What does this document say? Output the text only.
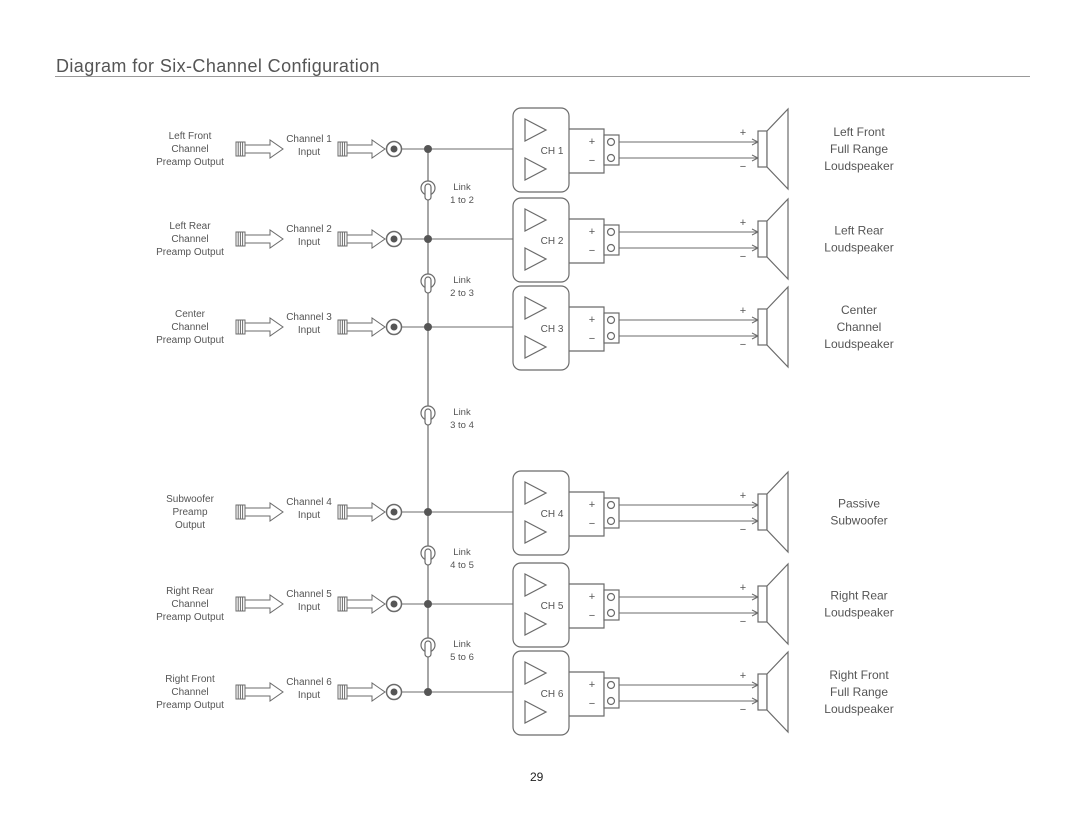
Diagram for Six-Channel Configuration
Left Front
Channel
Preamp Output
Channel 1
Input	CH 1
+
−
+
−
Left Front
Full Range
Loudspeaker
Left Rear
Channel
Preamp Output
Channel 2
Input	CH 2
+
−
+
−
Left Rear
Loudspeaker
Center
Channel
Preamp Output
Channel 3
Input	CH 3
+
−
+
−
Center
Channel
Loudspeaker
Subwoofer
Preamp
Output
Channel 4
Input	CH 4
+
−
+
−
Passive
Subwoofer
Right Rear
Channel
Preamp Output
Channel 5
Input	CH 5
+
−
+
−
Right Rear
Loudspeaker
Right Front
Channel
Preamp Output
Channel 6
Input	CH 6
+
−
+
−
Right Front
Full Range
Loudspeaker
Link
1 to 2
Link
2 to 3
Link
3 to 4
Link
4 to 5
Link
5 to 6
29
